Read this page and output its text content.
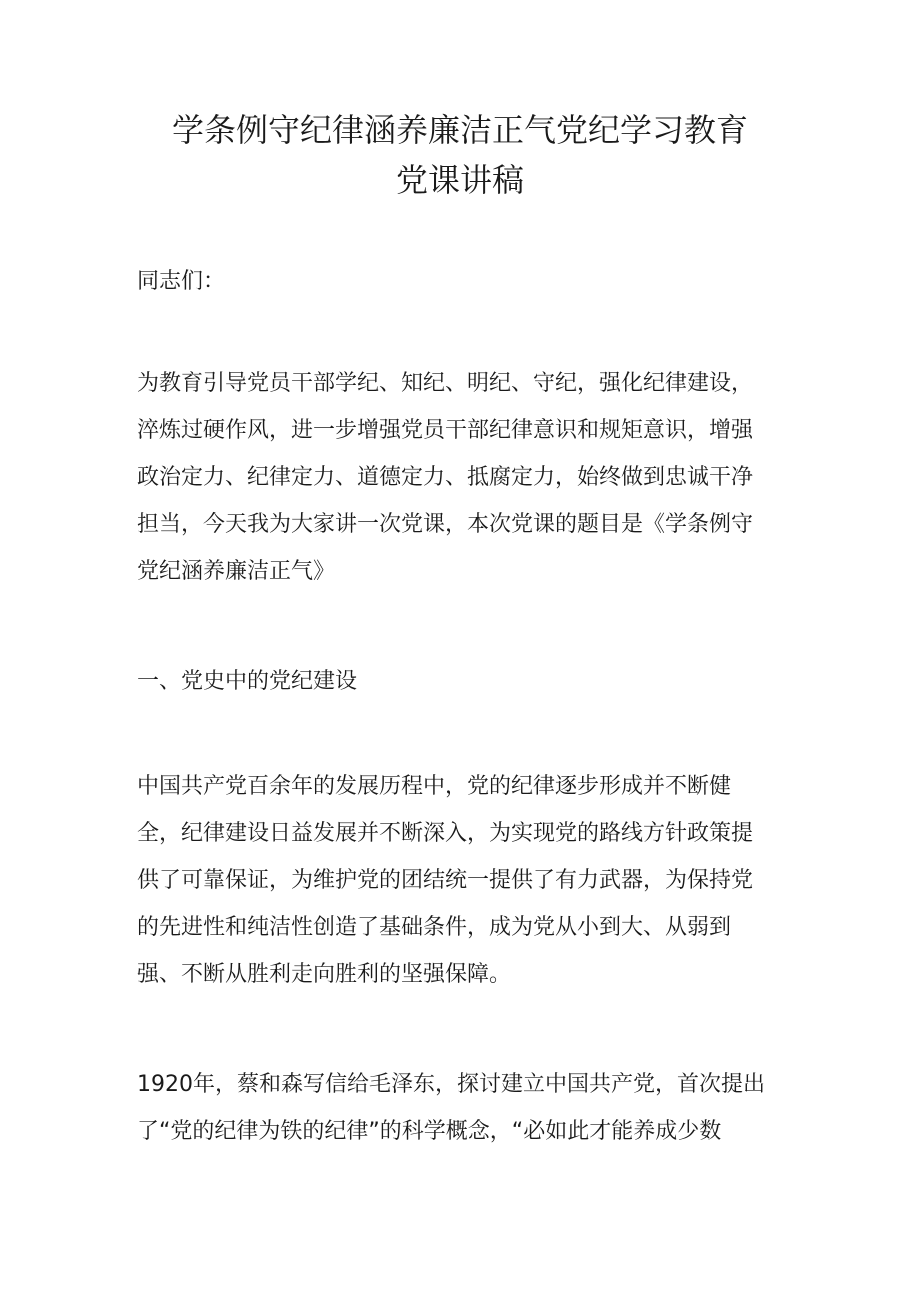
学条例守纪律涵养廉洁正气党纪学习教育
党课讲稿
同志们：
为教育引导党员干部学纪、知纪、明纪、守纪，强化纪律建设，
淬炼过硬作风，进一步增强党员干部纪律意识和规矩意识，增强
政治定力、纪律定力、道德定力、抵腐定力，始终做到忠诚干净
担当，今天我为大家讲一次党课，本次党课的题目是《学条例守
党纪涵养廉洁正气》
一、党史中的党纪建设
中国共产党百余年的发展历程中，党的纪律逐步形成并不断健
全，纪律建设日益发展并不断深入，为实现党的路线方针政策提
供了可靠保证，为维护党的团结统一提供了有力武器，为保持党
的先进性和纯洁性创造了基础条件，成为党从小到大、从弱到
强、不断从胜利走向胜利的坚强保障。
1920年，蔡和森写信给毛泽东，探讨建立中国共产党，首次提出
了“党的纪律为铁的纪律”的科学概念，“必如此才能养成少数
